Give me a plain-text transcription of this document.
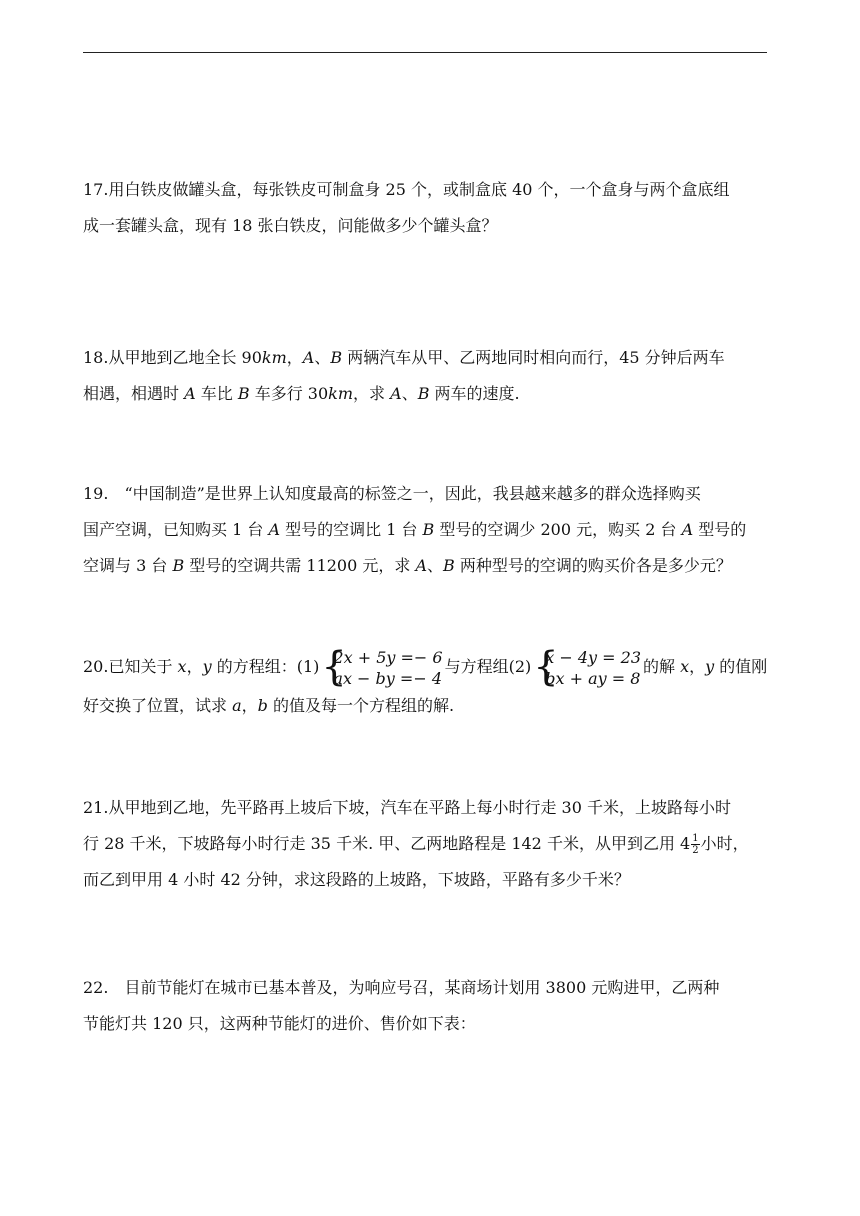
17.用白铁皮做罐头盒，每张铁皮可制盒身 25 个，或制盒底 40 个，一个盒身与两个盒底组
成一套罐头盒，现有 18 张白铁皮，问能做多少个罐头盒？
18.从甲地到乙地全长 90km，A、B 两辆汽车从甲、乙两地同时相向而行，45 分钟后两车
相遇，相遇时 A 车比 B 车多行 30km，求 A、B 两车的速度.
19.　“中国制造”是世界上认知度最高的标签之一，因此，我县越来越多的群众选择购买
国产空调，已知购买 1 台 A 型号的空调比 1 台 B 型号的空调少 200 元，购买 2 台 A 型号的
空调与 3 台 B 型号的空调共需 11200 元，求 A、B 两种型号的空调的购买价各是多少元？
20.已知关于 x，y 的方程组：(1) {
2x + 5y =− 6
ax − by =− 4
与方程组(2) {
x − 4y = 23
bx + ay = 8
的解 x，y 的值刚
好交换了位置，试求 a，b 的值及每一个方程组的解.
21.从甲地到乙地，先平路再上坡后下坡，汽车在平路上每小时行走 30 千米，上坡路每小时
行 28 千米，下坡路每小时行走 35 千米. 甲、乙两地路程是 142 千米，从甲到乙用 $4 \frac{1}{2}$ 小时，
而乙到甲用 4 小时 42 分钟，求这段路的上坡路，下坡路，平路有多少千米？
22.　目前节能灯在城市已基本普及，为响应号召，某商场计划用 3800 元购进甲，乙两种
节能灯共 120 只，这两种节能灯的进价、售价如下表：
